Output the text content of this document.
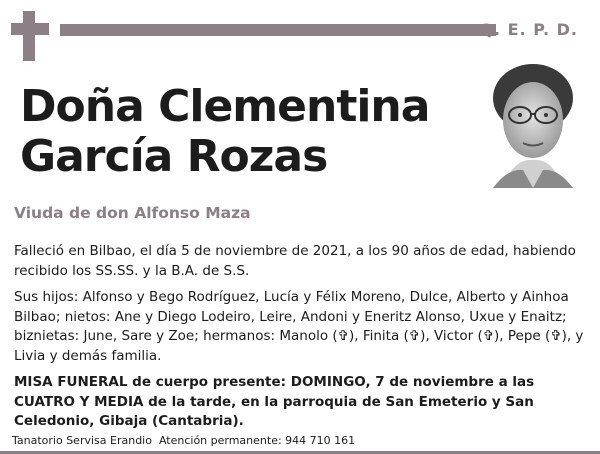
Q. E. P. D.
Doña Clementina
García Rozas
Viuda de don Alfonso Maza
Falleció en Bilbao, el día 5 de noviembre de 2021, a los 90 años de edad, habiendo recibido los SS.SS. y la B.A. de S.S.
Sus hijos: Alfonso y Bego Rodríguez, Lucía y Félix Moreno, Dulce, Alberto y Ainhoa Bilbao; nietos: Ane y Diego Lodeiro, Leire, Andoni y Eneritz Alonso, Uxue y Enaitz; biznietas: June, Sare y Zoe; hermanos: Manolo (✞), Finita (✞), Victor (✞), Pepe (✞), y Livia y demás familia.
MISA FUNERAL de cuerpo presente: DOMINGO, 7 de noviembre a las CUATRO Y MEDIA de la tarde, en la parroquia de San Emeterio y San Celedonio, Gibaja (Cantabria).
Tanatorio Servisa Erandio  Atención permanente: 944 710 161
